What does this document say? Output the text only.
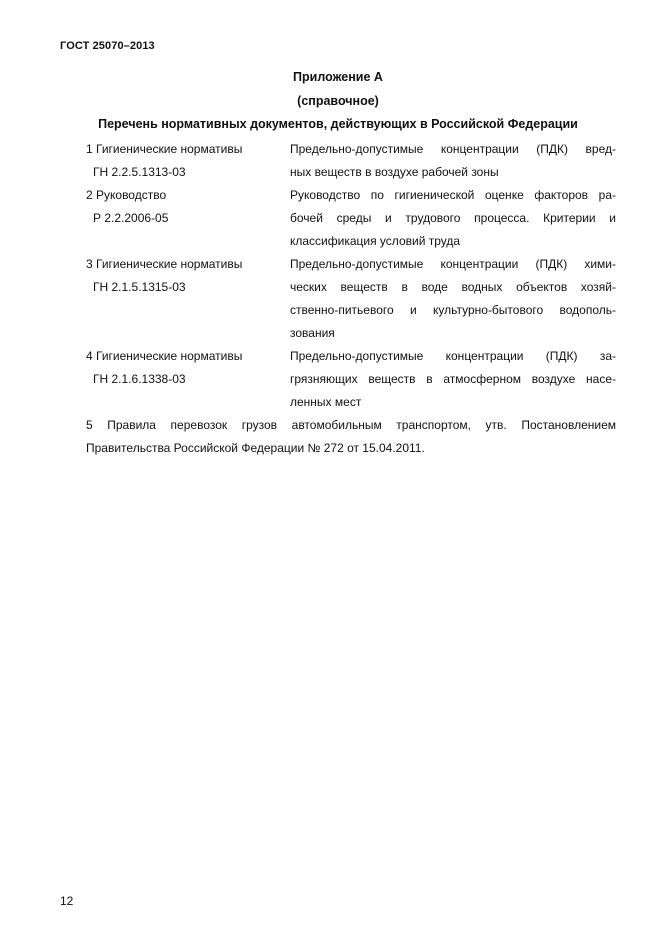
ГОСТ 25070–2013
Приложение А
(справочное)
Перечень нормативных документов, действующих в Российской Федерации
1 Гигиенические нормативы
ГН 2.2.5.1313-03
Предельно-допустимые концентрации (ПДК) вред-
ных веществ в воздухе рабочей зоны
2 Руководство
Р 2.2.2006-05
Руководство по гигиенической оценке факторов ра-
бочей среды и трудового процесса. Критерии и
классификация условий труда
3 Гигиенические нормативы
ГН 2.1.5.1315-03
Предельно-допустимые концентрации (ПДК) хими-
ческих веществ в воде водных объектов хозяй-
ственно-питьевого и культурно-бытового водополь-
зования
4 Гигиенические нормативы
ГН 2.1.6.1338-03
Предельно-допустимые концентрации (ПДК) за-
грязняющих веществ в атмосферном воздухе насе-
ленных мест
5 Правила перевозок грузов автомобильным транспортом, утв. Постановлением
Правительства Российской Федерации № 272 от 15.04.2011.
12
